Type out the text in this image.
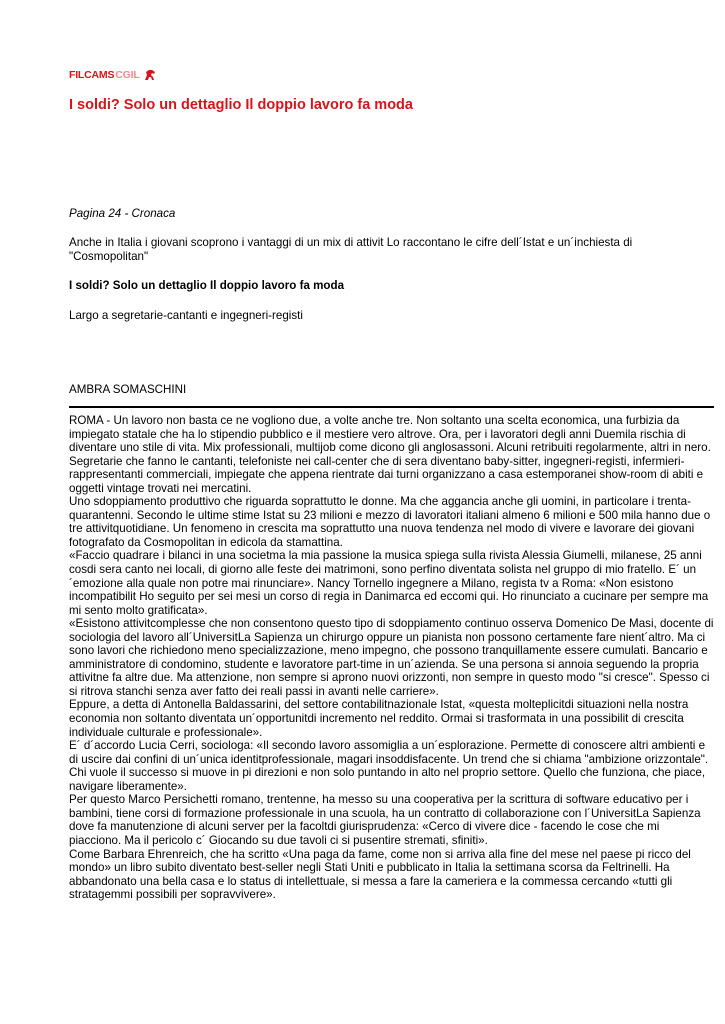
FILCAMS CGIL
I soldi? Solo un dettaglio Il doppio lavoro fa moda
Pagina 24 - Cronaca
Anche in Italia i giovani scoprono i vantaggi di un mix di attivit Lo raccontano le cifre dell´Istat e un´inchiesta di "Cosmopolitan"
I soldi? Solo un dettaglio Il doppio lavoro fa moda
Largo a segretarie-cantanti e ingegneri-registi
AMBRA SOMASCHINI

ROMA - Un lavoro non basta ce ne vogliono due, a volte anche tre. Non soltanto una scelta economica, una furbizia da impiegato statale che ha lo stipendio pubblico e il mestiere vero altrove. Ora, per i lavoratori degli anni Duemila rischia di diventare uno stile di vita. Mix professionali, multijob come dicono gli anglosassoni. Alcuni retribuiti regolarmente, altri in nero. Segretarie che fanno le cantanti, telefoniste nei call-center che di sera diventano baby-sitter, ingegneri-registi, infermieri-rappresentanti commerciali, impiegate che appena rientrate dai turni organizzano a casa estemporanei show-room di abiti e oggetti vintage trovati nei mercatini.

Uno sdoppiamento produttivo che riguarda soprattutto le donne. Ma che aggancia anche gli uomini, in particolare i trenta-quarantenni. Secondo le ultime stime Istat su 23 milioni e mezzo di lavoratori italiani almeno 6 milioni e 500 mila hanno due o tre attivitquotidiane. Un fenomeno in crescita ma soprattutto una nuova tendenza nel modo di vivere e lavorare dei giovani fotografato da Cosmopolitan in edicola da stamattina.

«Faccio quadrare i bilanci in una societma la mia passione la musica spiega sulla rivista Alessia Giumelli, milanese, 25 anni cosdi sera canto nei locali, di giorno alle feste dei matrimoni, sono perfino diventata solista nel gruppo di mio fratello. E´ un´emozione alla quale non potre mai rinunciare». Nancy Tornello ingegnere a Milano, regista tv a Roma: «Non esistono incompatibilit Ho seguito per sei mesi un corso di regia in Danimarca ed eccomi qui. Ho rinunciato a cucinare per sempre ma mi sento molto gratificata».

«Esistono attivitcomplesse che non consentono questo tipo di sdoppiamento continuo osserva Domenico De Masi, docente di sociologia del lavoro all´UniversitLa Sapienza un chirurgo oppure un pianista non possono certamente fare nient´altro. Ma ci sono lavori che richiedono meno specializzazione, meno impegno, che possono tranquillamente essere cumulati. Bancario e amministratore di condomino, studente e lavoratore part-time in un´azienda. Se una persona si annoia seguendo la propria attivitne fa altre due. Ma attenzione, non sempre si aprono nuovi orizzonti, non sempre in questo modo "si cresce". Spesso ci si ritrova stanchi senza aver fatto dei reali passi in avanti nelle carriere».

Eppure, a detta di Antonella Baldassarini, del settore contabilitnazionale Istat, «questa molteplicitdi situazioni nella nostra economia non soltanto diventata un´opportunitdi incremento nel reddito. Ormai si trasformata in una possibilit di crescita individuale culturale e professionale».

E´ d´accordo Lucia Cerri, sociologa: «Il secondo lavoro assomiglia a un´esplorazione. Permette di conoscere altri ambienti e di uscire dai confini di un´unica identitprofessionale, magari insoddisfacente. Un trend che si chiama "ambizione orizzontale". Chi vuole il successo si muove in pi direzioni e non solo puntando in alto nel proprio settore. Quello che funziona, che piace, navigare liberamente».

Per questo Marco Persichetti romano, trentenne, ha messo su una cooperativa per la scrittura di software educativo per i bambini, tiene corsi di formazione professionale in una scuola, ha un contratto di collaborazione con l´UniversitLa Sapienza dove fa manutenzione di alcuni server per la facoltdi giurisprudenza: «Cerco di vivere dice - facendo le cose che mi piacciono. Ma il pericolo c´ Giocando su due tavoli ci si pusentire stremati, sfiniti».

Come Barbara Ehrenreich, che ha scritto «Una paga da fame, come non si arriva alla fine del mese nel paese pi ricco del mondo» un libro subito diventato best-seller negli Stati Uniti e pubblicato in Italia la settimana scorsa da Feltrinelli. Ha abbandonato una bella casa e lo status di intellettuale, si messa a fare la cameriera e la commessa cercando «tutti gli stratagemmi possibili per sopravvivere».
